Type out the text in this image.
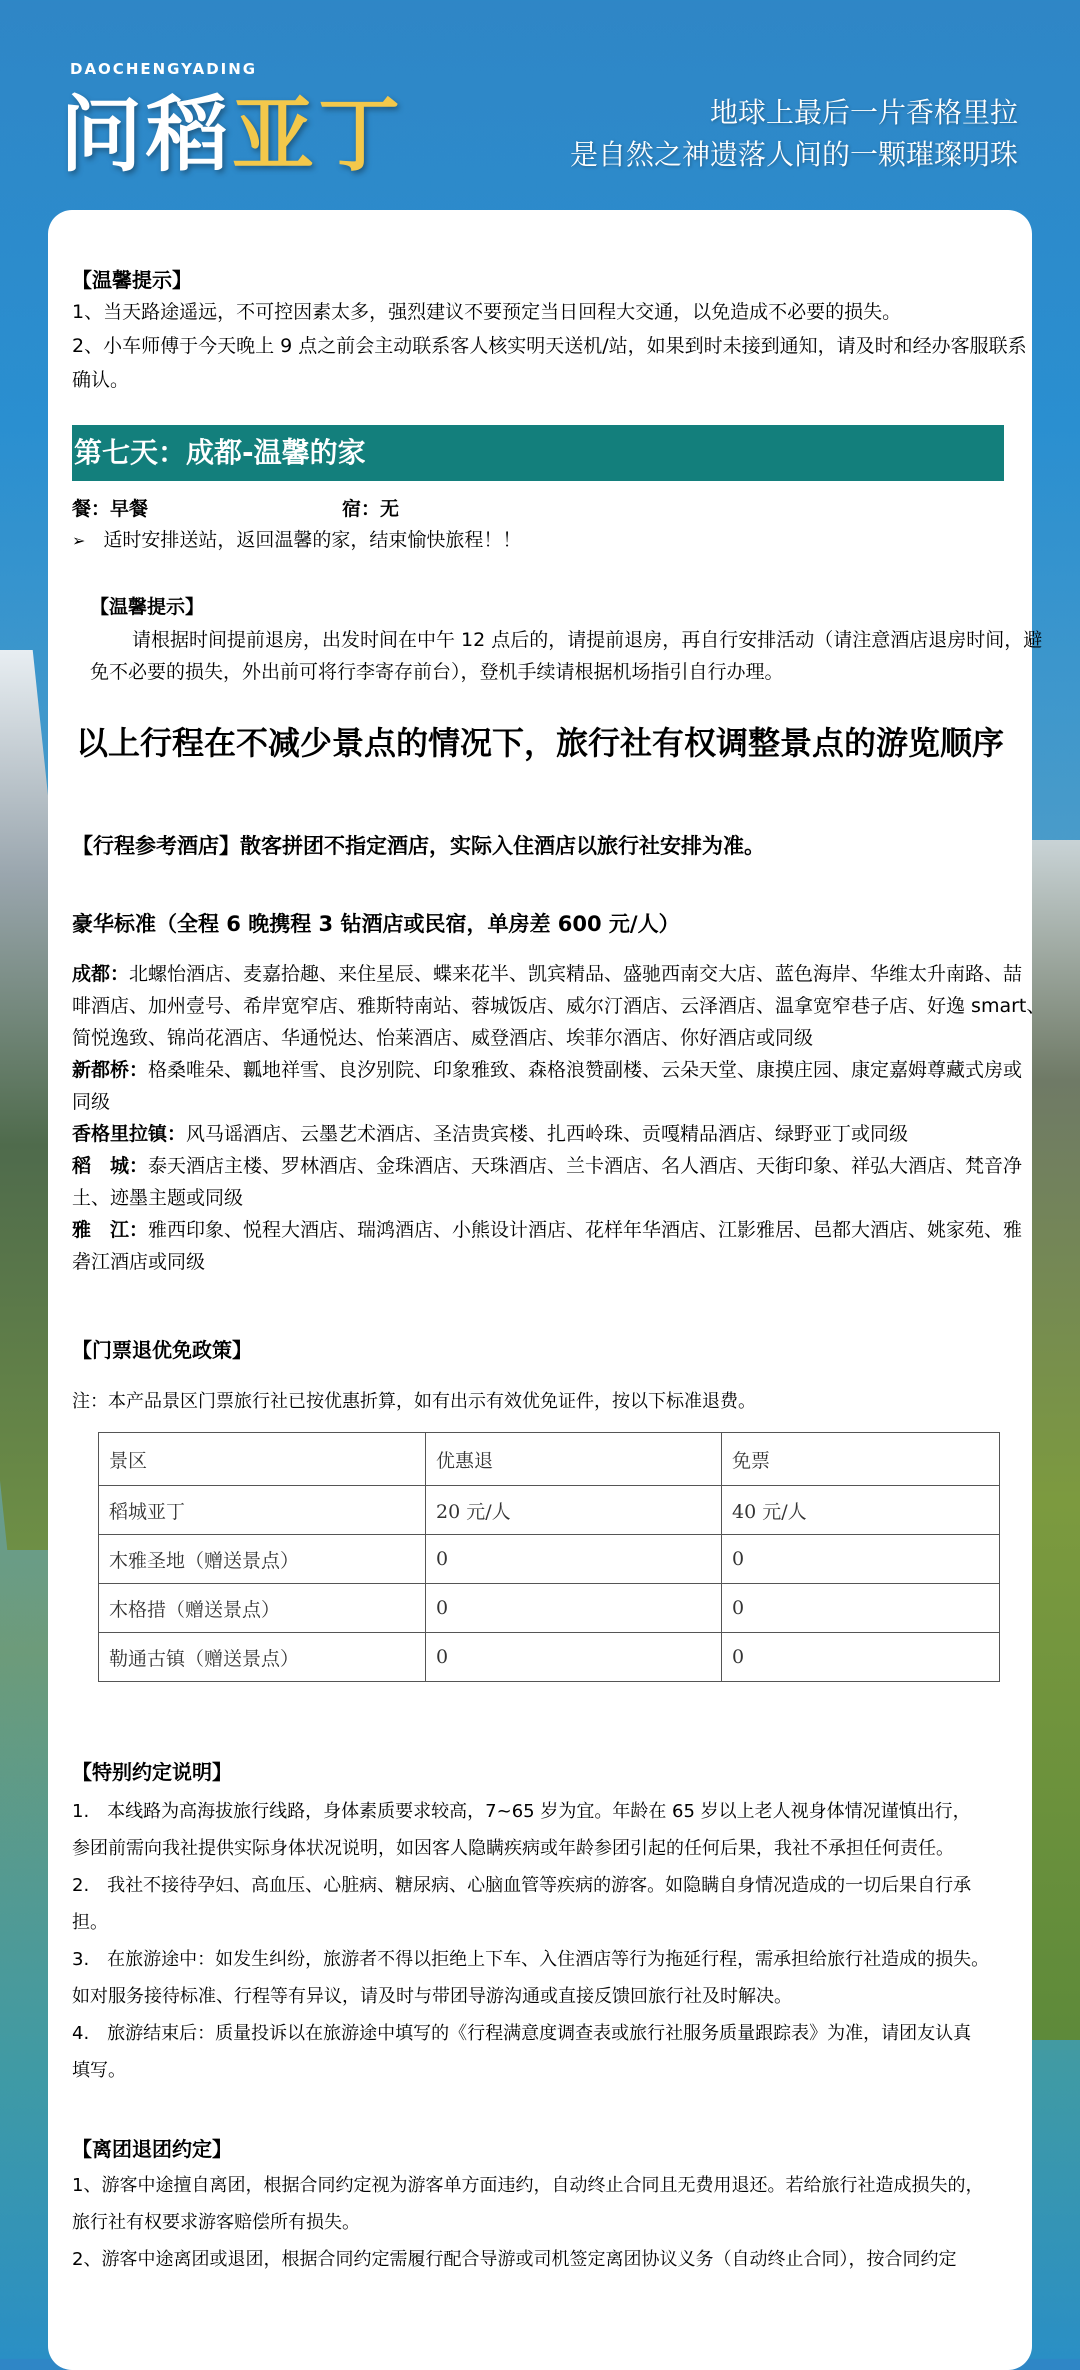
DAOCHENGYADING
问稻亚丁	地球上最后一片香格里拉
是自然之神遗落人间的一颗璀璨明珠
第七天：成都-温馨的家
【温馨提示】
1、当天路途遥远，不可控因素太多，强烈建议不要预定当日回程大交通，以免造成不必要的损失。
2、小车师傅于今天晚上 9 点之前会主动联系客人核实明天送机/站，如果到时未接到通知，请及时和经办客服联系
确认。
餐：早餐	宿：无
➢ 适时安排送站，返回温馨的家，结束愉快旅程！！
【温馨提示】
请根据时间提前退房，出发时间在中午 12 点后的，请提前退房，再自行安排活动（请注意酒店退房时间，避
免不必要的损失，外出前可将行李寄存前台），登机手续请根据机场指引自行办理。
以上行程在不减少景点的情况下，旅行社有权调整景点的游览顺序
【行程参考酒店】散客拼团不指定酒店，实际入住酒店以旅行社安排为准。
豪华标准（全程 6 晚携程 3 钻酒店或民宿，单房差 600 元/人）
成都：北螺怡酒店、麦嘉拾趣、来住星辰、蝶来花半、凯宾精品、盛驰西南交大店、蓝色海岸、华维太升南路、喆
啡酒店、加州壹号、希岸宽窄店、雅斯特南站、蓉城饭店、威尔汀酒店、云泽酒店、温拿宽窄巷子店、好逸 smart、
简悦逸致、锦尚花酒店、华通悦达、怡莱酒店、威登酒店、埃菲尔酒店、你好酒店或同级
新都桥：格桑唯朵、瓤地祥雪、良汐别院、印象雅致、森格浪赞副楼、云朵天堂、康摸庄园、康定嘉姆尊藏式房或
同级
香格里拉镇：风马谣酒店、云墨艺术酒店、圣洁贵宾楼、扎西岭珠、贡嘎精品酒店、绿野亚丁或同级
稻　城：泰天酒店主楼、罗林酒店、金珠酒店、天珠酒店、兰卡酒店、名人酒店、天街印象、祥弘大酒店、梵音净
土、迹墨主题或同级
雅　江：雅西印象、悦程大酒店、瑞鸿酒店、小熊设计酒店、花样年华酒店、江影雅居、邑都大酒店、姚家苑、雅
砻江酒店或同级
【门票退优免政策】
注：本产品景区门票旅行社已按优惠折算，如有出示有效优免证件，按以下标准退费。
景区	优惠退	免票
稻城亚丁	20 元/人	40 元/人
木雅圣地（赠送景点）	0	0
木格措（赠送景点）	0	0
勒通古镇（赠送景点）	0	0
【特别约定说明】
1.　本线路为高海拔旅行线路，身体素质要求较高，7~65 岁为宜。年龄在 65 岁以上老人视身体情况谨慎出行，
参团前需向我社提供实际身体状况说明，如因客人隐瞒疾病或年龄参团引起的任何后果，我社不承担任何责任。
2.　我社不接待孕妇、高血压、心脏病、糖尿病、心脑血管等疾病的游客。如隐瞒自身情况造成的一切后果自行承
担。
3.　在旅游途中：如发生纠纷，旅游者不得以拒绝上下车、入住酒店等行为拖延行程，需承担给旅行社造成的损失。
如对服务接待标准、行程等有异议，请及时与带团导游沟通或直接反馈回旅行社及时解决。
4.　旅游结束后：质量投诉以在旅游途中填写的《行程满意度调查表或旅行社服务质量跟踪表》为准，请团友认真
填写。
【离团退团约定】
1、游客中途擅自离团，根据合同约定视为游客单方面违约，自动终止合同且无费用退还。若给旅行社造成损失的，
旅行社有权要求游客赔偿所有损失。
2、游客中途离团或退团，根据合同约定需履行配合导游或司机签定离团协议义务（自动终止合同），按合同约定
